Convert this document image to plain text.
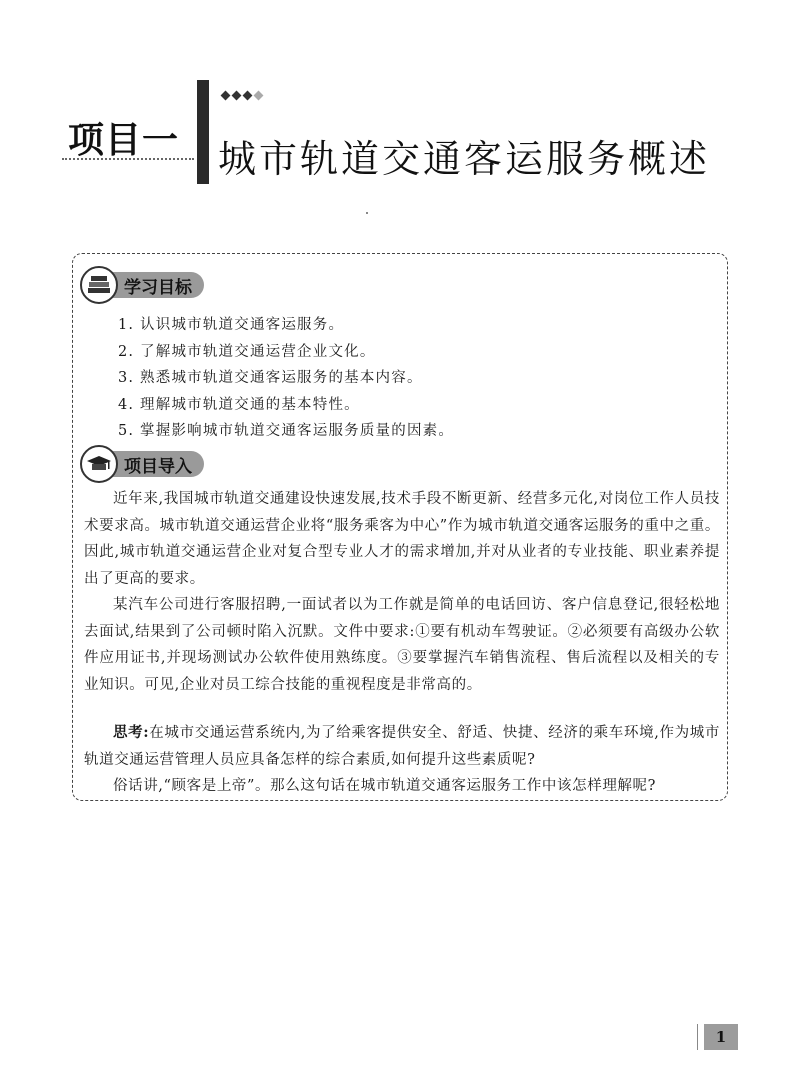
项目一 城市轨道交通客运服务概述
学习目标
1. 认识城市轨道交通客运服务。
2. 了解城市轨道交通运营企业文化。
3. 熟悉城市轨道交通客运服务的基本内容。
4. 理解城市轨道交通的基本特性。
5. 掌握影响城市轨道交通客运服务质量的因素。
项目导入

近年来,我国城市轨道交通建设快速发展,技术手段不断更新、经营多元化,对岗位工作人员技术要求高。城市轨道交通运营企业将“服务乘客为中心”作为城市轨道交通客运服务的重中之重。因此,城市轨道交通运营企业对复合型专业人才的需求增加,并对从业者的专业技能、职业素养提出了更高的要求。

某汽车公司进行客服招聘,一面试者以为工作就是简单的电话回访、客户信息登记,很轻松地去面试,结果到了公司顿时陷入沉默。文件中要求:①要有机动车驾驶证。②必须要有高级办公软件应用证书,并现场测试办公软件使用熟练度。③要掌握汽车销售流程、售后流程以及相关的专业知识。可见,企业对员工综合技能的重视程度是非常高的。

思考:在城市交通运营系统内,为了给乘客提供安全、舒适、快捷、经济的乘车环境,作为城市轨道交通运营管理人员应具备怎样的综合素质,如何提升这些素质呢?

俗话讲,“顾客是上帝”。那么这句话在城市轨道交通客运服务工作中该怎样理解呢?

1
